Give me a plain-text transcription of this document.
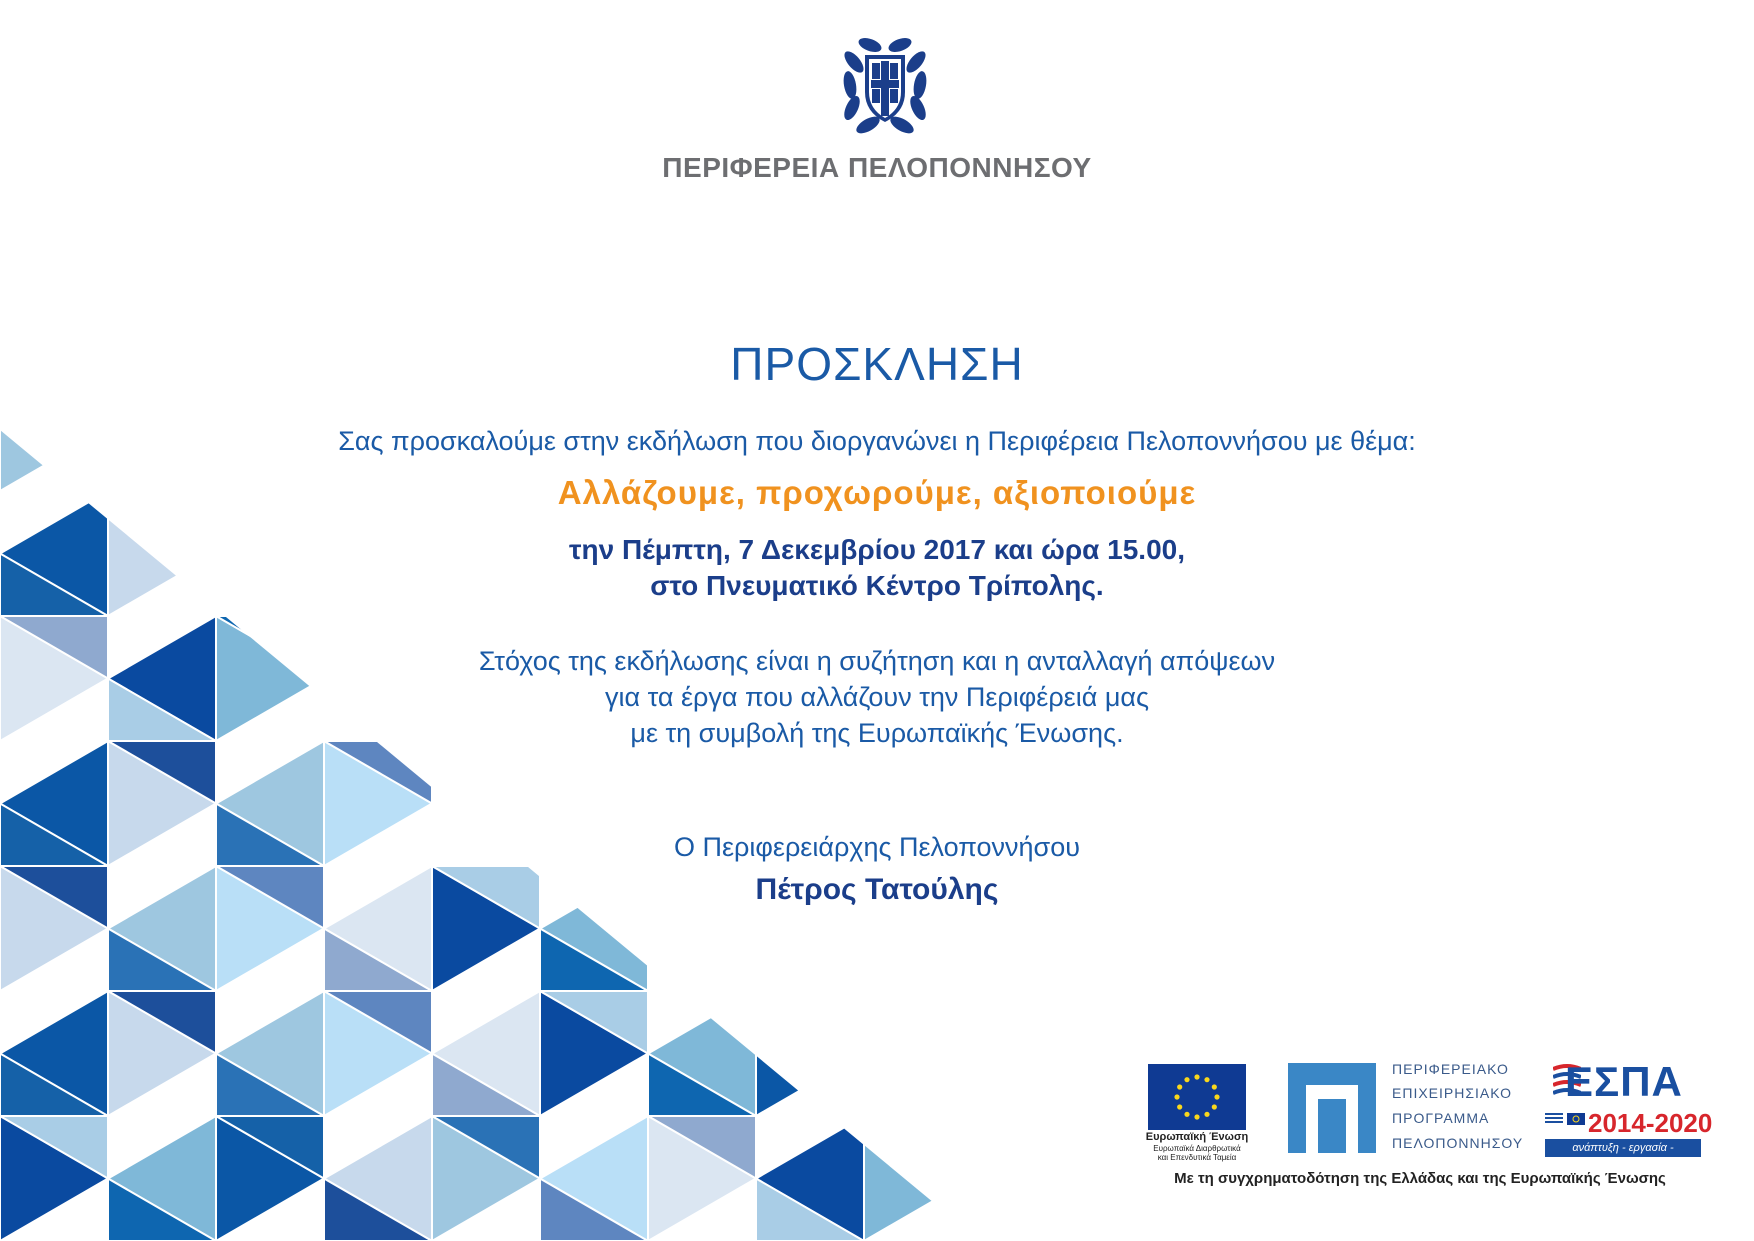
ΠΕΡΙΦΕΡΕΙΑ ΠΕΛΟΠΟΝΝΗΣΟΥ
ΠΡΟΣΚΛΗΣΗ
Σας προσκαλούμε στην εκδήλωση που διοργανώνει η Περιφέρεια Πελοποννήσου με θέμα:
Αλλάζουμε, προχωρούμε, αξιοποιούμε
την Πέμπτη, 7 Δεκεμβρίου 2017 και ώρα 15.00,
στο Πνευματικό Κέντρο Τρίπολης.
Στόχος της εκδήλωσης είναι η συζήτηση και η ανταλλαγή απόψεων
για τα έργα που αλλάζουν την Περιφέρειά μας
με τη συμβολή της Ευρωπαϊκής Ένωσης.
Ο Περιφερειάρχης Πελοποννήσου
Πέτρος Τατούλης
Ευρωπαϊκή Ένωση
Ευρωπαϊκά Διαρθρωτικά
και Επενδυτικά Ταμεία
ΠΕΡΙΦΕΡΕΙΑΚΟ
ΕΠΙΧΕΙΡΗΣΙΑΚΟ
ΠΡΟΓΡΑΜΜΑ
ΠΕΛΟΠΟΝΝΗΣΟΥ
ΕΣΠΑ
2014-2020
ανάπτυξη - εργασία - αλληλεγγύη
Με τη συγχρηματοδότηση της Ελλάδας και της Ευρωπαϊκής Ένωσης
